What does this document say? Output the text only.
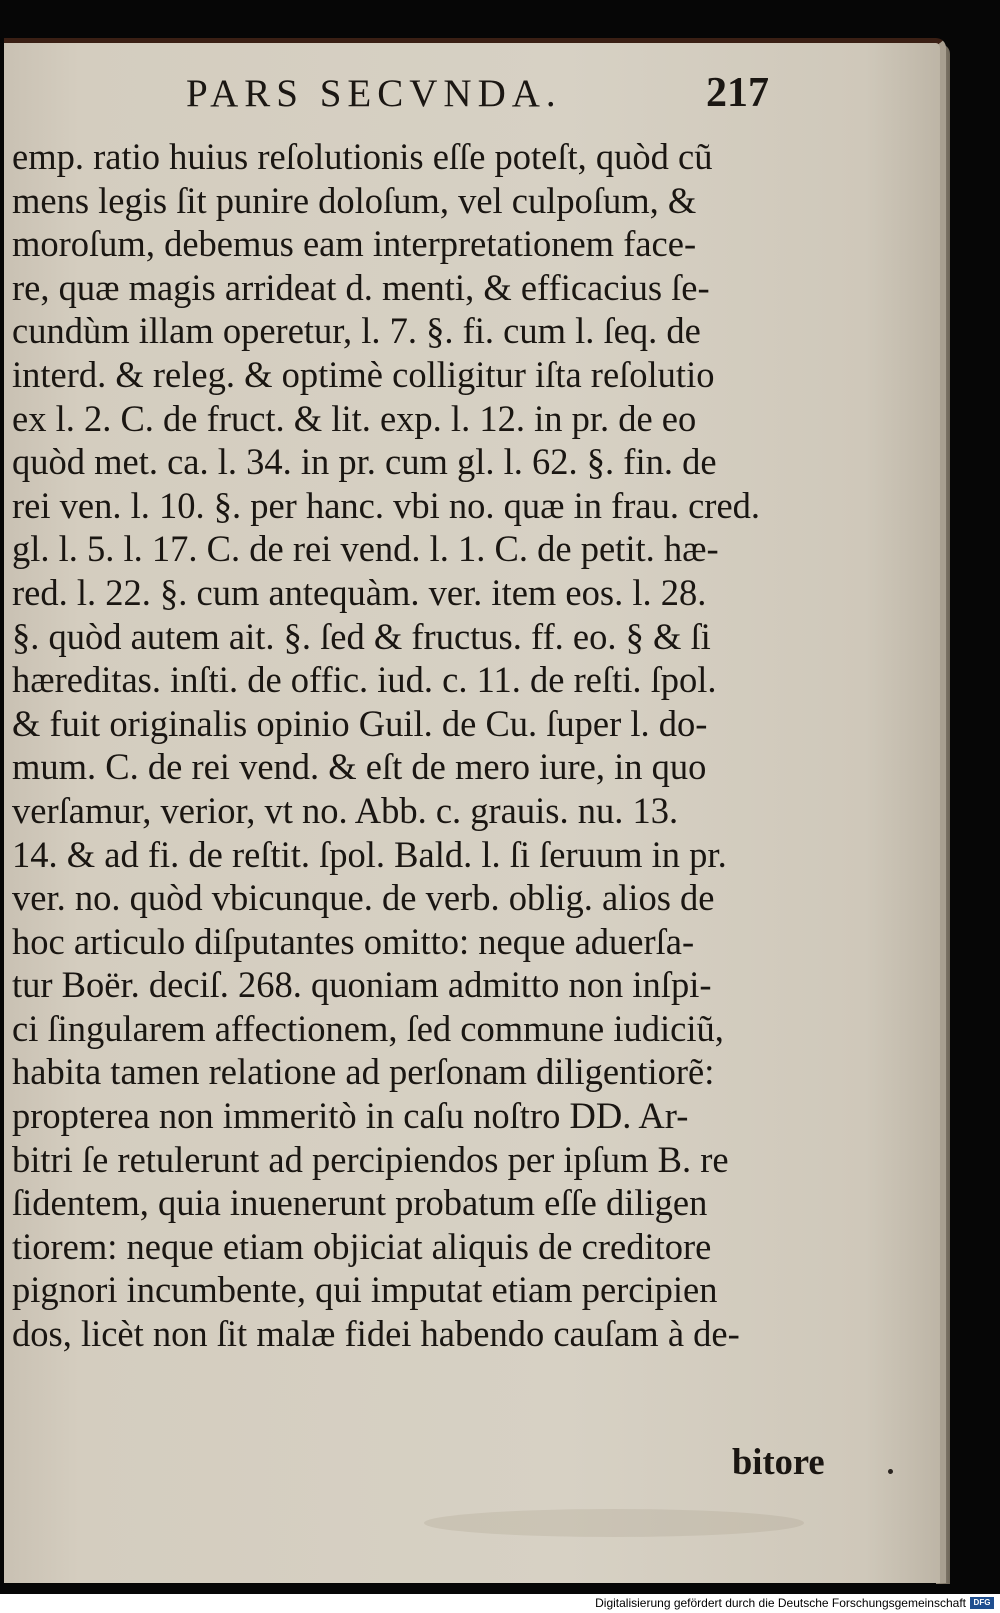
PARS SECVNDA.	217
emp. ratio huius reſolutionis eſſe poteſt, quòd cũ
mens legis ſit punire doloſum, vel culpoſum, &
moroſum, debemus eam interpretationem face-
re, quæ magis arrideat d. menti, & efficacius ſe-
cundùm illam operetur, l. 7. §. fi. cum l. ſeq. de
interd. & releg. & optimè colligitur iſta reſolutio
ex l. 2. C. de fruct. & lit. exp. l. 12. in pr. de eo
quòd met. ca. l. 34. in pr. cum gl. l. 62. §. fin. de
rei ven. l. 10. §. per hanc. vbi no. quæ in frau. cred.
gl. l. 5. l. 17. C. de rei vend. l. 1. C. de petit. hæ-
red. l. 22. §. cum antequàm. ver. item eos. l. 28.
§. quòd autem ait. §. ſed & fructus. ff. eo. § & ſi
hæreditas. inſti. de offic. iud. c. 11. de reſti. ſpol.
& fuit originalis opinio Guil. de Cu. ſuper l. do-
mum. C. de rei vend. & eſt de mero iure, in quo
verſamur, verior, vt no. Abb. c. grauis. nu. 13.
14. & ad fi. de reſtit. ſpol. Bald. l. ſi ſeruum in pr.
ver. no. quòd vbicunque. de verb. oblig. alios de
hoc articulo diſputantes omitto: neque aduerſa-
tur Boër. deciſ. 268. quoniam admitto non inſpi-
ci ſingularem affectionem, ſed commune iudiciũ,
habita tamen relatione ad perſonam diligentiorẽ:
propterea non immeritò in caſu noſtro DD. Ar-
bitri ſe retulerunt ad percipiendos per ipſum B. re
ſidentem, quia inuenerunt probatum eſſe diligen
tiorem: neque etiam objiciat aliquis de creditore
pignori incumbente, qui imputat etiam percipien
dos, licèt non ſit malæ fidei habendo cauſam à de-
bitore
Digitalisierung gefördert durch die Deutsche Forschungsgemeinschaft DFG
